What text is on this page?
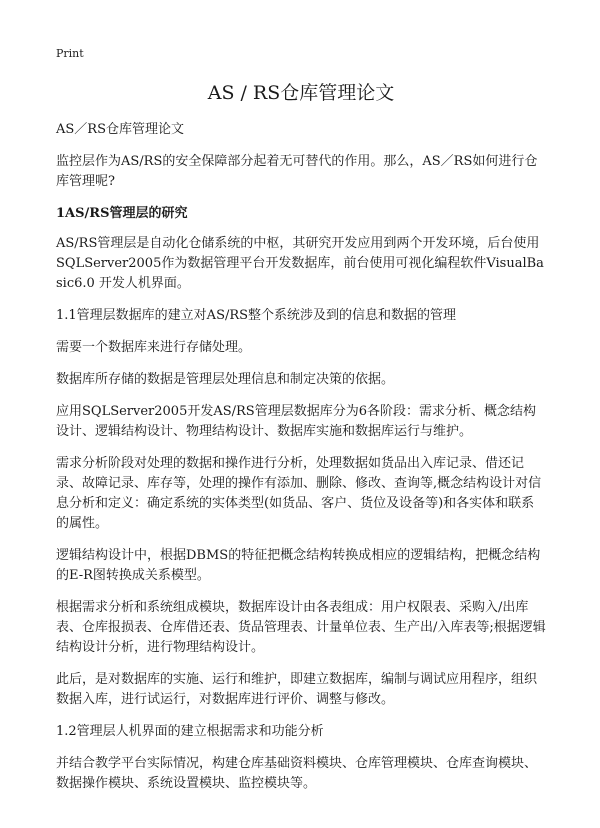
Print
AS / RS仓库管理论文

AS／RS仓库管理论文

监控层作为AS/RS的安全保障部分起着无可替代的作用。那么，AS／RS如何进行仓库管理呢?

1AS/RS管理层的研究

AS/RS管理层是自动化仓储系统的中枢，其研究开发应用到两个开发环境，后台使用SQLServer2005作为数据管理平台开发数据库，前台使用可视化编程软件VisualBasic6.0 开发人机界面。

1.1管理层数据库的建立对AS/RS整个系统涉及到的信息和数据的管理

需要一个数据库来进行存储处理。

数据库所存储的数据是管理层处理信息和制定决策的依据。

应用SQLServer2005开发AS/RS管理层数据库分为6各阶段：需求分析、概念结构设计、逻辑结构设计、物理结构设计、数据库实施和数据库运行与维护。

需求分析阶段对处理的数据和操作进行分析，处理数据如货品出入库记录、借还记录、故障记录、库存等，处理的操作有添加、删除、修改、查询等,概念结构设计对信息分析和定义：确定系统的实体类型(如货品、客户、货位及设备等)和各实体和联系的属性。

逻辑结构设计中，根据DBMS的特征把概念结构转换成相应的逻辑结构，把概念结构的E-R图转换成关系模型。

根据需求分析和系统组成模块，数据库设计由各表组成：用户权限表、采购入/出库表、仓库报损表、仓库借还表、货品管理表、计量单位表、生产出/入库表等;根据逻辑结构设计分析，进行物理结构设计。

此后，是对数据库的实施、运行和维护，即建立数据库，编制与调试应用程序，组织数据入库，进行试运行，对数据库进行评价、调整与修改。

1.2管理层人机界面的建立根据需求和功能分析

并结合教学平台实际情况，构建仓库基础资料模块、仓库管理模块、仓库查询模块、数据操作模块、系统设置模块、监控模块等。
